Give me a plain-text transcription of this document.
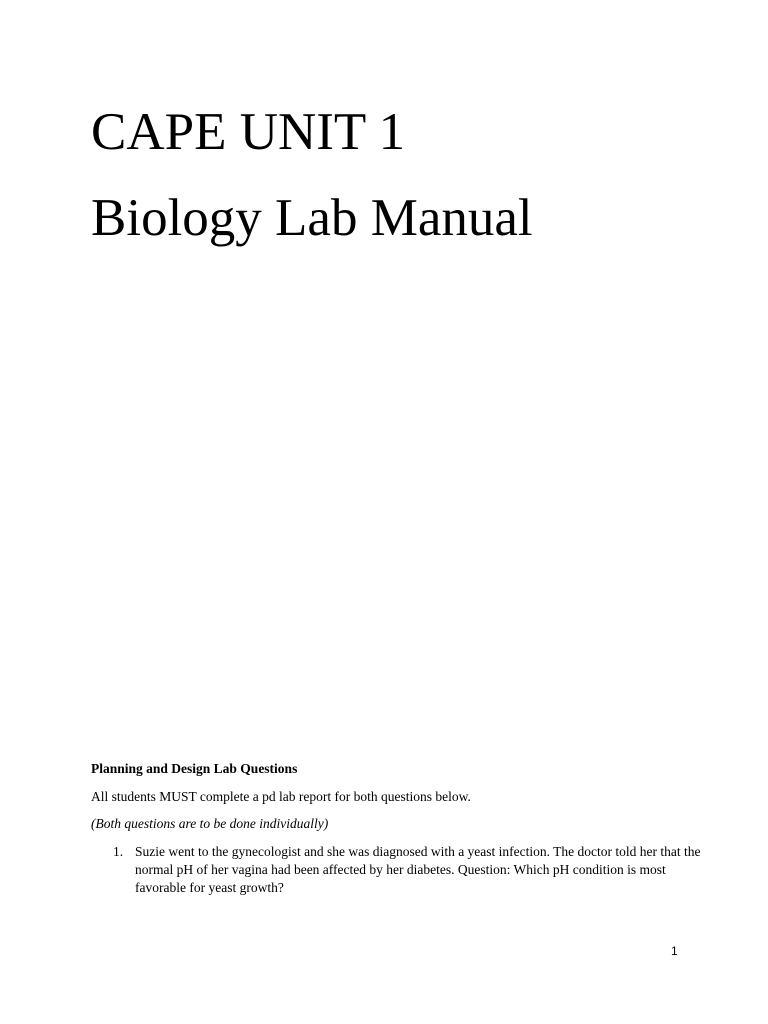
CAPE UNIT 1
Biology Lab Manual

Planning and Design Lab Questions

All students MUST complete a pd lab report for both questions below.

(Both questions are to be done individually)

1. Suzie went to the gynecologist and she was diagnosed with a yeast infection. The doctor told her that the normal pH of her vagina had been affected by her diabetes. Question: Which pH condition is most favorable for yeast growth?
1
